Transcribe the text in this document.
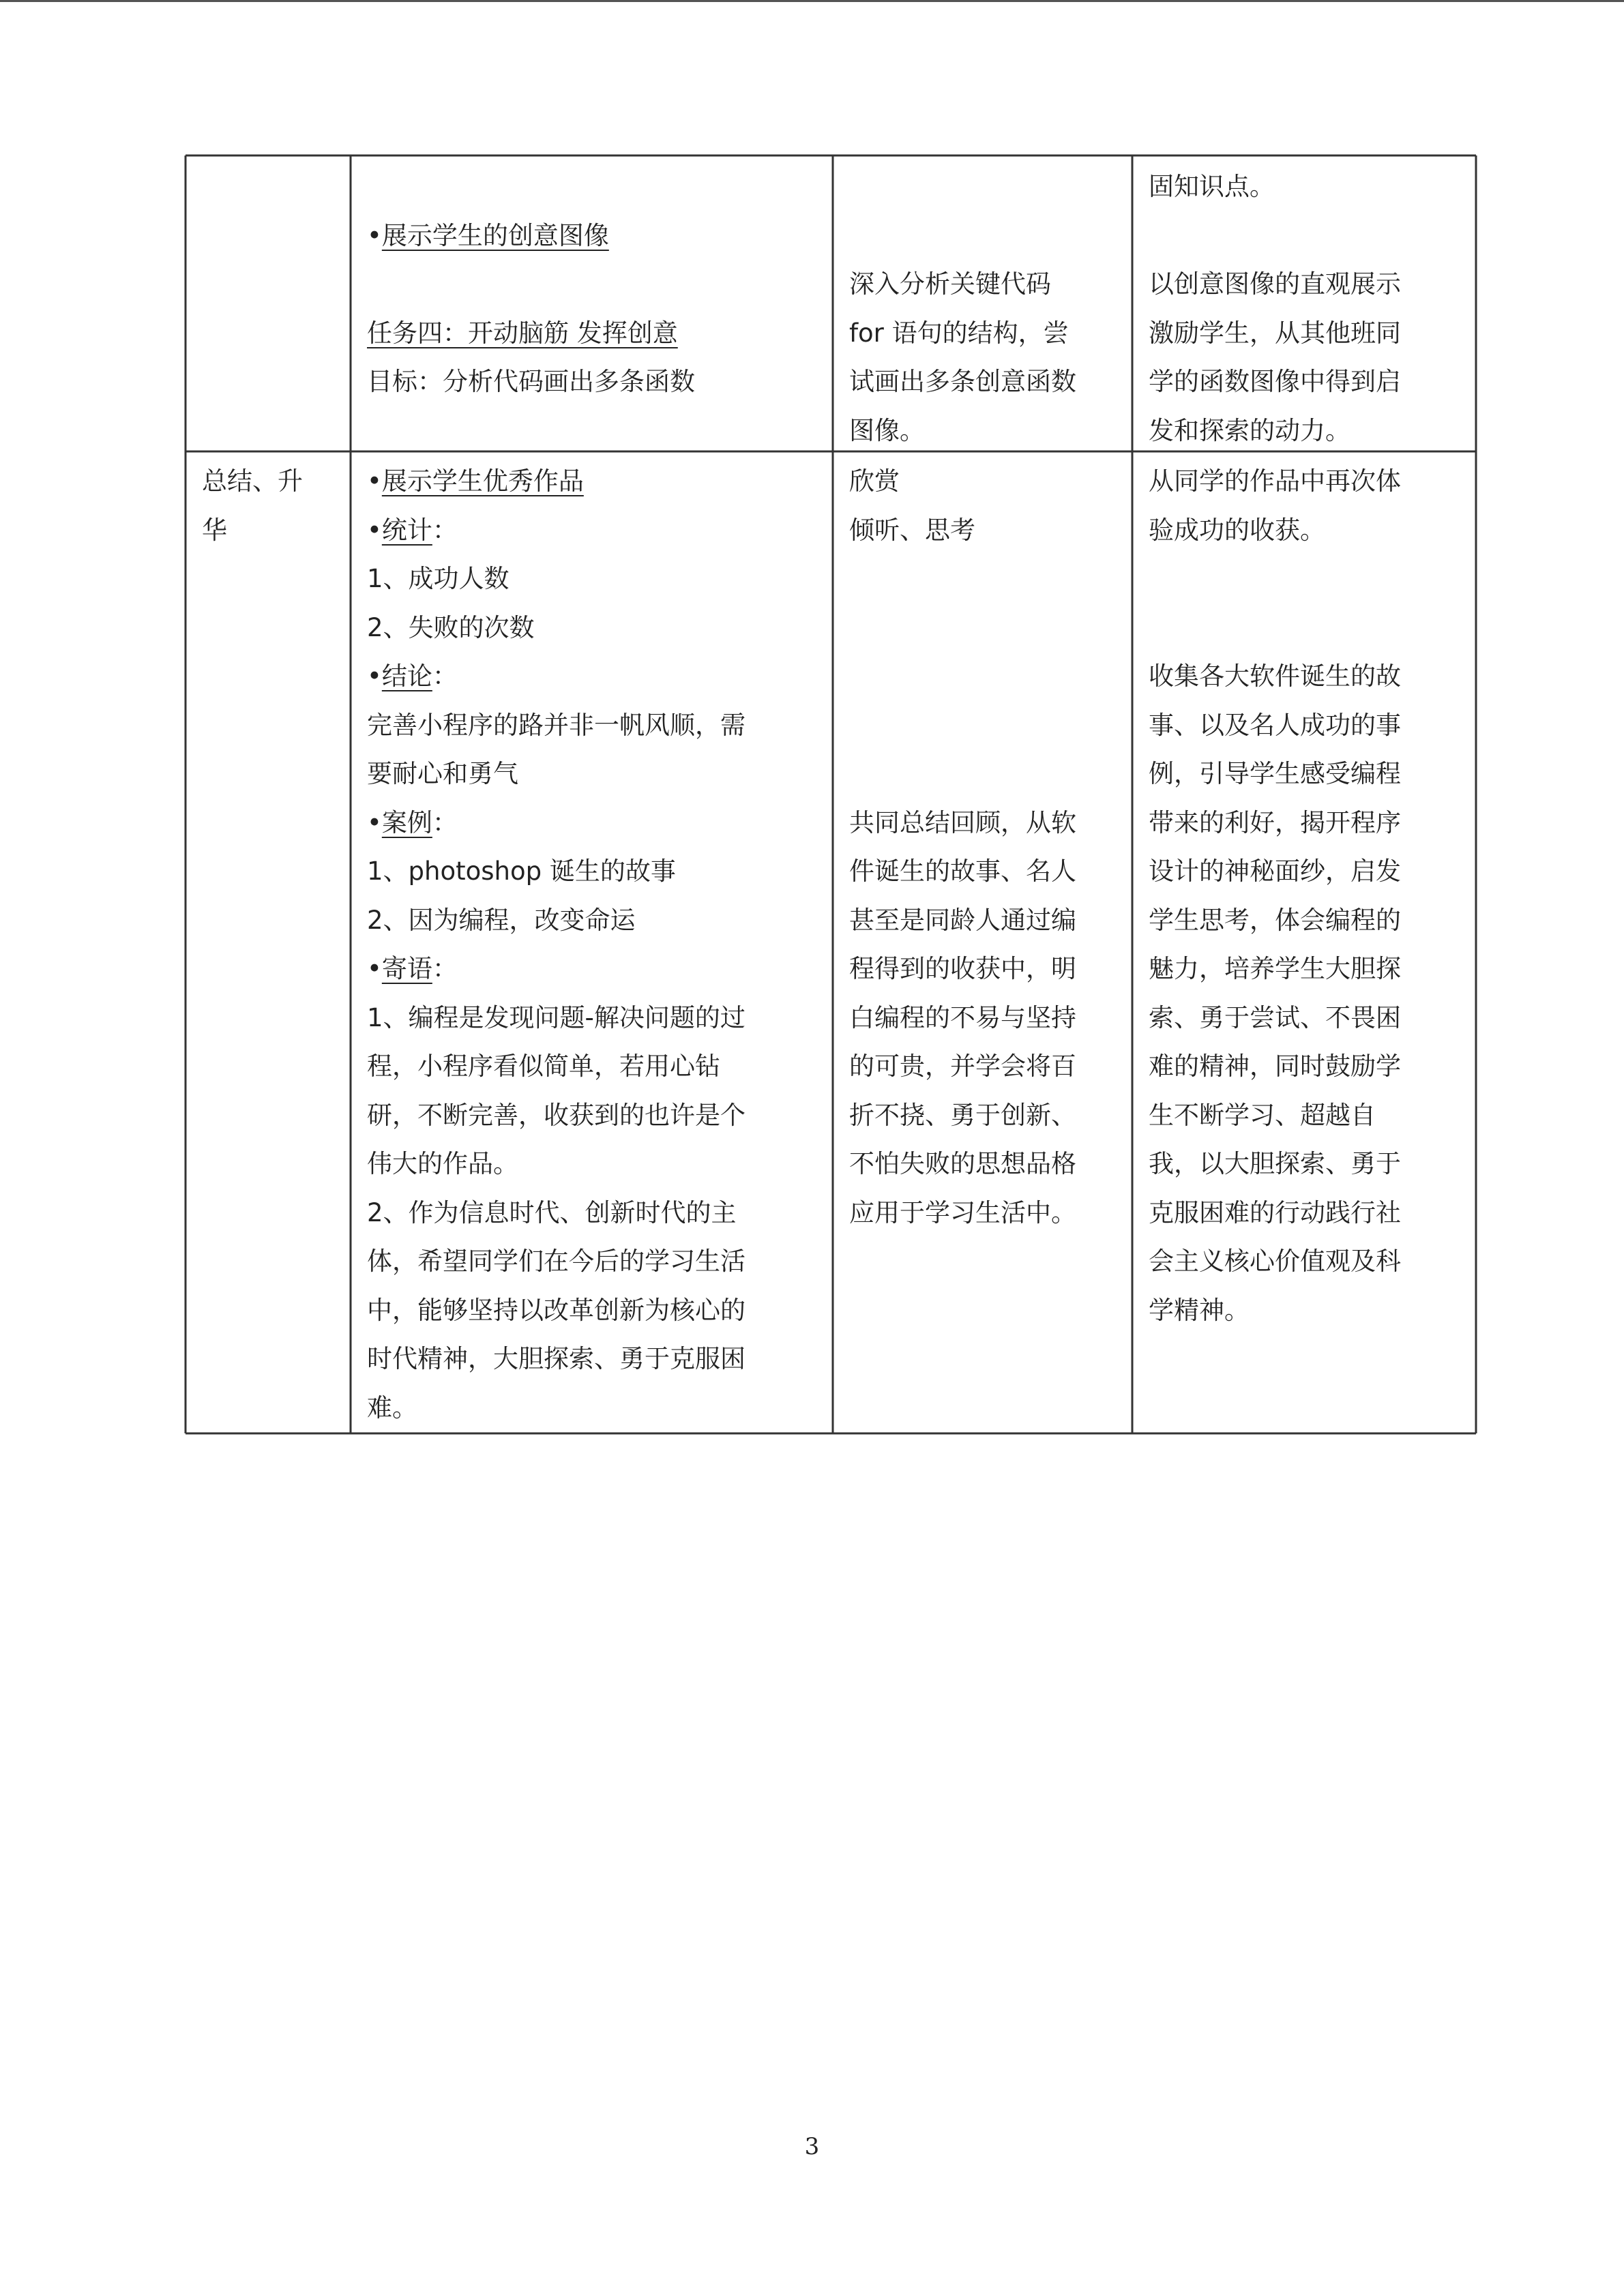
•展示学生的创意图像
任务四：开动脑筋 发挥创意
目标：分析代码画出多条函数
深入分析关键代码
for 语句的结构，尝
试画出多条创意函数
图像。
固知识点。
以创意图像的直观展示
激励学生，从其他班同
学的函数图像中得到启
发和探索的动力。
总结、升
华
•展示学生优秀作品
•统计：
1、成功人数
2、失败的次数
•结论：
完善小程序的路并非一帆风顺，需
要耐心和勇气
•案例：
1、photoshop 诞生的故事
2、因为编程，改变命运
•寄语：
1、编程是发现问题-解决问题的过
程，小程序看似简单，若用心钻
研，不断完善，收获到的也许是个
伟大的作品。
2、作为信息时代、创新时代的主
体，希望同学们在今后的学习生活
中，能够坚持以改革创新为核心的
时代精神，大胆探索、勇于克服困
难。
欣赏
倾听、思考
共同总结回顾，从软
件诞生的故事、名人
甚至是同龄人通过编
程得到的收获中，明
白编程的不易与坚持
的可贵，并学会将百
折不挠、勇于创新、
不怕失败的思想品格
应用于学习生活中。
从同学的作品中再次体
验成功的收获。
收集各大软件诞生的故
事、以及名人成功的事
例，引导学生感受编程
带来的利好，揭开程序
设计的神秘面纱，启发
学生思考，体会编程的
魅力，培养学生大胆探
索、勇于尝试、不畏困
难的精神，同时鼓励学
生不断学习、超越自
我，以大胆探索、勇于
克服困难的行动践行社
会主义核心价值观及科
学精神。
3
